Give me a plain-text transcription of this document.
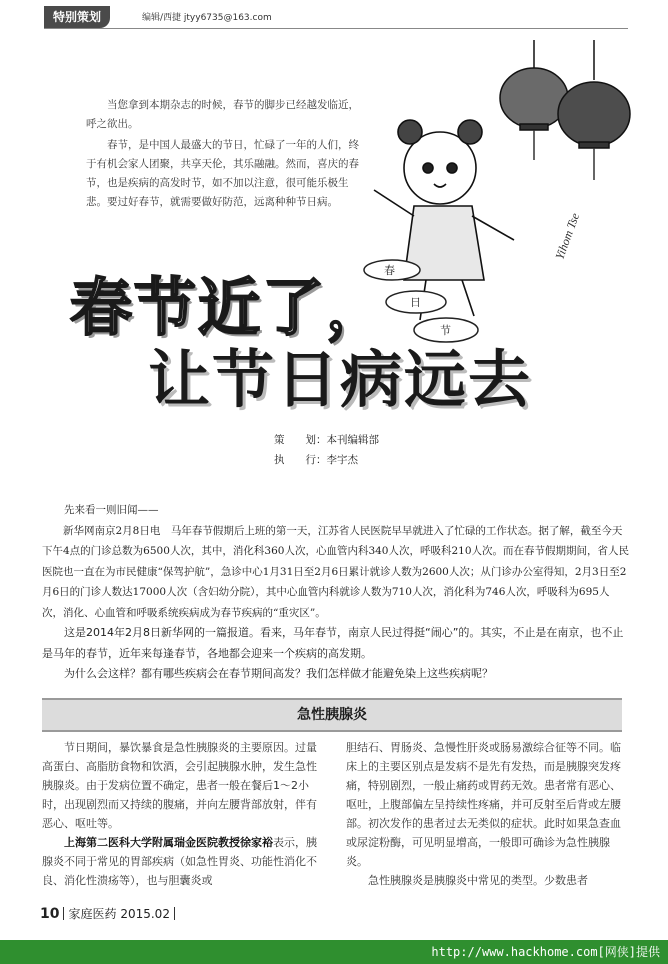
特别策划	编辑/西捷 jtyy6735@163.com

当您拿到本期杂志的时候，春节的脚步已经越发临近，呼之欲出。

春节，是中国人最盛大的节日，忙碌了一年的人们，终于有机会家人团聚，共享天伦，其乐融融。然而，喜庆的春节，也是疾病的高发时节，如不加以注意，很可能乐极生悲。要过好春节，就需要做好防范，远离种种节日病。

Yihom Tse
春
日
节
春节近了，
让节日病远去
策　　划：本刊编辑部
执　　行：李宇杰

先来看一则旧闻——

新华网南京2月8日电　马年春节假期后上班的第一天，江苏省人民医院早早就进入了忙碌的工作状态。据了解，截至今天下午4点的门诊总数为6500人次，其中，消化科360人次，心血管内科340人次，呼吸科210人次。而在春节假期期间，省人民医院也一直在为市民健康“保驾护航”，急诊中心1月31日至2月6日累计就诊人数为2600人次；从门诊办公室得知，2月3日至2月6日的门诊人数达17000人次（含妇幼分院），其中心血管内科就诊人数为710人次，消化科为746人次，呼吸科为695人次，消化、心血管和呼吸系统疾病成为春节疾病的“重灾区”。

这是2014年2月8日新华网的一篇报道。看来，马年春节，南京人民过得挺“闹心”的。其实，不止是在南京，也不止是马年的春节，近年来每逢春节，各地都会迎来一个疾病的高发期。

为什么会这样？都有哪些疾病会在春节期间高发？我们怎样做才能避免染上这些疾病呢？

急性胰腺炎

节日期间，暴饮暴食是急性胰腺炎的主要原因。过量高蛋白、高脂肪食物和饮酒，会引起胰腺水肿，发生急性胰腺炎。由于发病位置不确定，患者一般在餐后1～2小时，出现剧烈而又持续的腹痛，并向左腰背部放射，伴有恶心、呕吐等。

上海第二医科大学附属瑞金医院教授徐家裕表示，胰腺炎不同于常见的胃部疾病（如急性胃炎、功能性消化不良、消化性溃疡等），也与胆囊炎或

胆结石、胃肠炎、急慢性肝炎或肠易激综合征等不同。临床上的主要区别点是发病不是先有发热，而是胰腺突发疼痛，特别剧烈，一般止痛药或胃药无效。患者常有恶心、呕吐，上腹部偏左呈持续性疼痛，并可反射至后背或左腰部。初次发作的患者过去无类似的症状。此时如果急查血或尿淀粉酶，可见明显增高，一般即可确诊为急性胰腺炎。

急性胰腺炎是胰腺炎中常见的类型。少数患者

10 家庭医药 2015.02
http://www.hackhome.com[网侠]提供
